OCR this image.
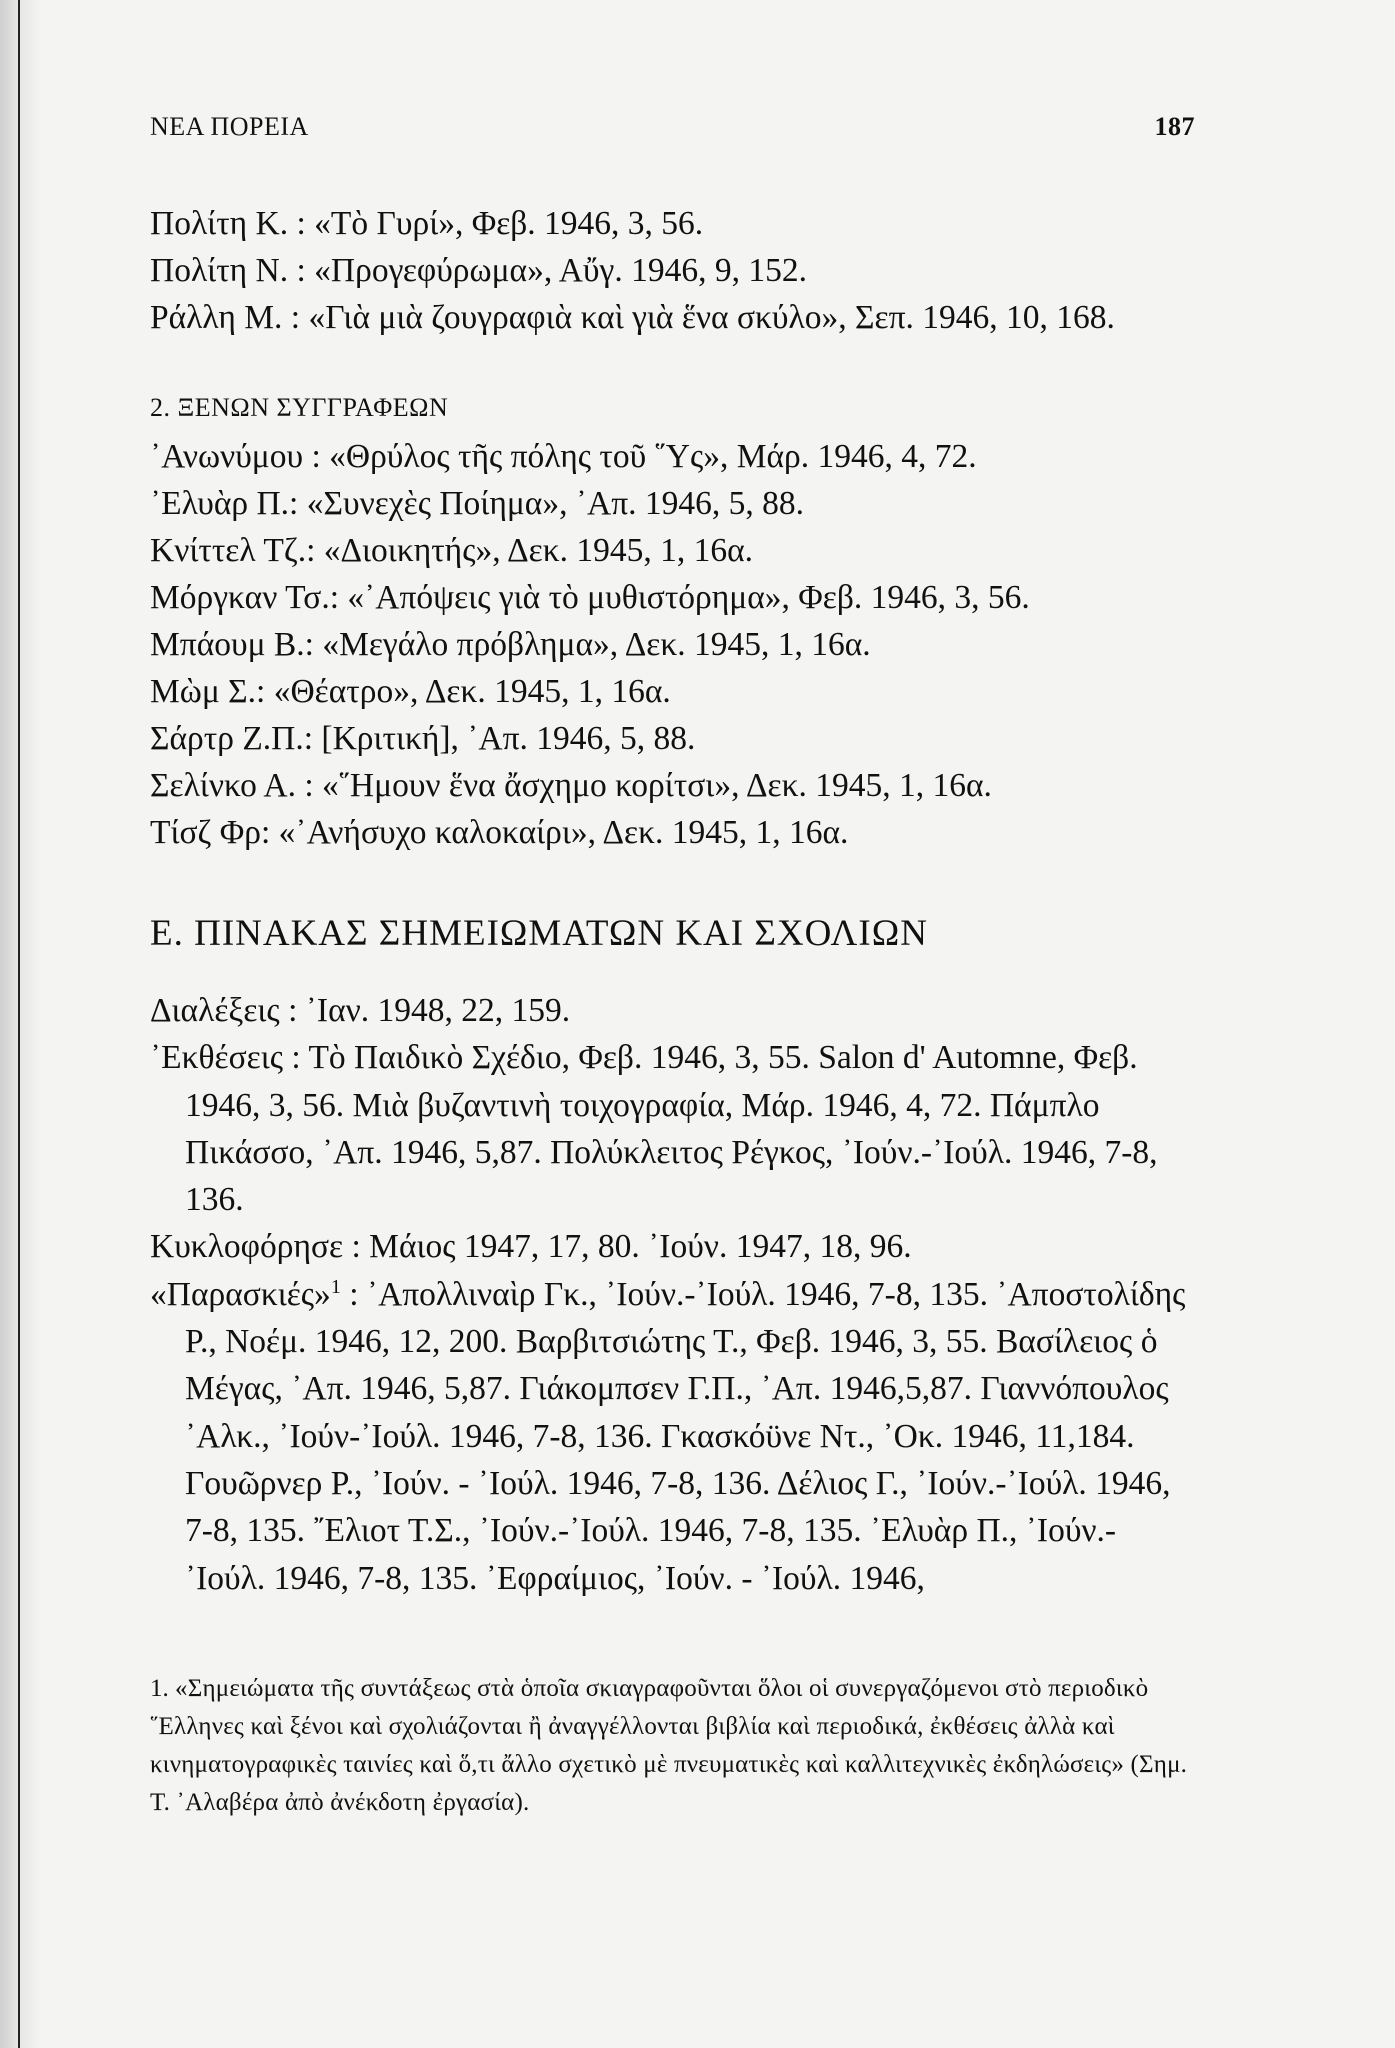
ΝΕΑ ΠΟΡΕΙΑ	187
Πολίτη Κ. : «Τὸ Γυρί», Φεβ. 1946, 3, 56.
Πολίτη Ν. : «Προγεφύρωμα», Αὔγ. 1946, 9, 152.
Ράλλη Μ. : «Γιὰ μιὰ ζουγραφιὰ καὶ γιὰ ἕνα σκύλο», Σεπ. 1946, 10, 168.
2. ΞΕΝΩΝ ΣΥΓΓΡΑΦΕΩΝ
᾿Ανωνύμου : «Θρύλος τῆς πόλης τοῦ ῞Υς», Μάρ. 1946, 4, 72.
᾿Ελυὰρ Π.: «Συνεχὲς Ποίημα», ᾿Απ. 1946, 5, 88.
Κνίττελ Τζ.: «Διοικητής», Δεκ. 1945, 1, 16α.
Μόργκαν Τσ.: «᾿Απόψεις γιὰ τὸ μυθιστόρημα», Φεβ. 1946, 3, 56.
Μπάουμ Β.: «Μεγάλο πρόβλημα», Δεκ. 1945, 1, 16α.
Μὼμ Σ.: «Θέατρο», Δεκ. 1945, 1, 16α.
Σάρτρ Ζ.Π.: [Κριτική], ᾿Απ. 1946, 5, 88.
Σελίνκο Α. : «῞Ημουν ἕνα ἄσχημο κορίτσι», Δεκ. 1945, 1, 16α.
Τίσζ Φρ: «᾿Ανήσυχο καλοκαίρι», Δεκ. 1945, 1, 16α.
Ε. ΠΙΝΑΚΑΣ ΣΗΜΕΙΩΜΑΤΩΝ ΚΑΙ ΣΧΟΛΙΩΝ
Διαλέξεις : ᾿Ιαν. 1948, 22, 159.
᾿Εκθέσεις : Τὸ Παιδικὸ Σχέδιο, Φεβ. 1946, 3, 55. Salon d' Automne, Φεβ. 1946, 3, 56. Μιὰ βυζαντινὴ τοιχογραφία, Μάρ. 1946, 4, 72. Πάμπλο Πικάσσο, ᾿Απ. 1946, 5,87. Πολύκλειτος Ρέγκος, ᾿Ιούν.-᾿Ιούλ. 1946, 7-8, 136.
Κυκλοφόρησε : Μάιος 1947, 17, 80. ᾿Ιούν. 1947, 18, 96.
«Παρασκιές»$^1$ : ᾿Απολλιναὶρ Γκ., ᾿Ιούν.-᾿Ιούλ. 1946, 7-8, 135. ᾿Αποστολίδης Ρ., Νοέμ. 1946, 12, 200. Βαρβιτσιώτης Τ., Φεβ. 1946, 3, 55. Βασίλειος ὁ Μέγας, ᾿Απ. 1946, 5,87. Γιάκομπσεν Γ.Π., ᾿Απ. 1946,5,87. Γιαννόπουλος ᾿Αλκ., ᾿Ιούν-᾿Ιούλ. 1946, 7-8, 136. Γκασκόϋνε Ντ., ᾿Οκ. 1946, 11,184. Γουῶρνερ Ρ., ᾿Ιούν. - ᾿Ιούλ. 1946, 7-8, 136. Δέλιος Γ., ᾿Ιούν.-᾿Ιούλ. 1946, 7-8, 135. ῎Ελιοτ Τ.Σ., ᾿Ιούν.-᾿Ιούλ. 1946, 7-8, 135. ᾿Ελυὰρ Π., ᾿Ιούν.-᾿Ιούλ. 1946, 7-8, 135. ᾿Εφραίμιος, ᾿Ιούν. - ᾿Ιούλ. 1946,
1. «Σημειώματα τῆς συντάξεως στὰ ὁποῖα σκιαγραφοῦνται ὅλοι οἱ συνεργαζόμενοι στὸ περιοδικὸ ῞Ελληνες καὶ ξένοι καὶ σχολιάζονται ἢ ἀναγγέλλονται βιβλία καὶ περιοδικά, ἐκθέσεις ἀλλὰ καὶ κινηματογραφικὲς ταινίες καὶ ὅ,τι ἄλλο σχετικὸ μὲ πνευματικὲς καὶ καλλιτεχνικὲς ἐκδηλώσεις» (Σημ. Τ. ᾿Αλαβέρα ἀπὸ ἀνέκδοτη ἐργασία).
